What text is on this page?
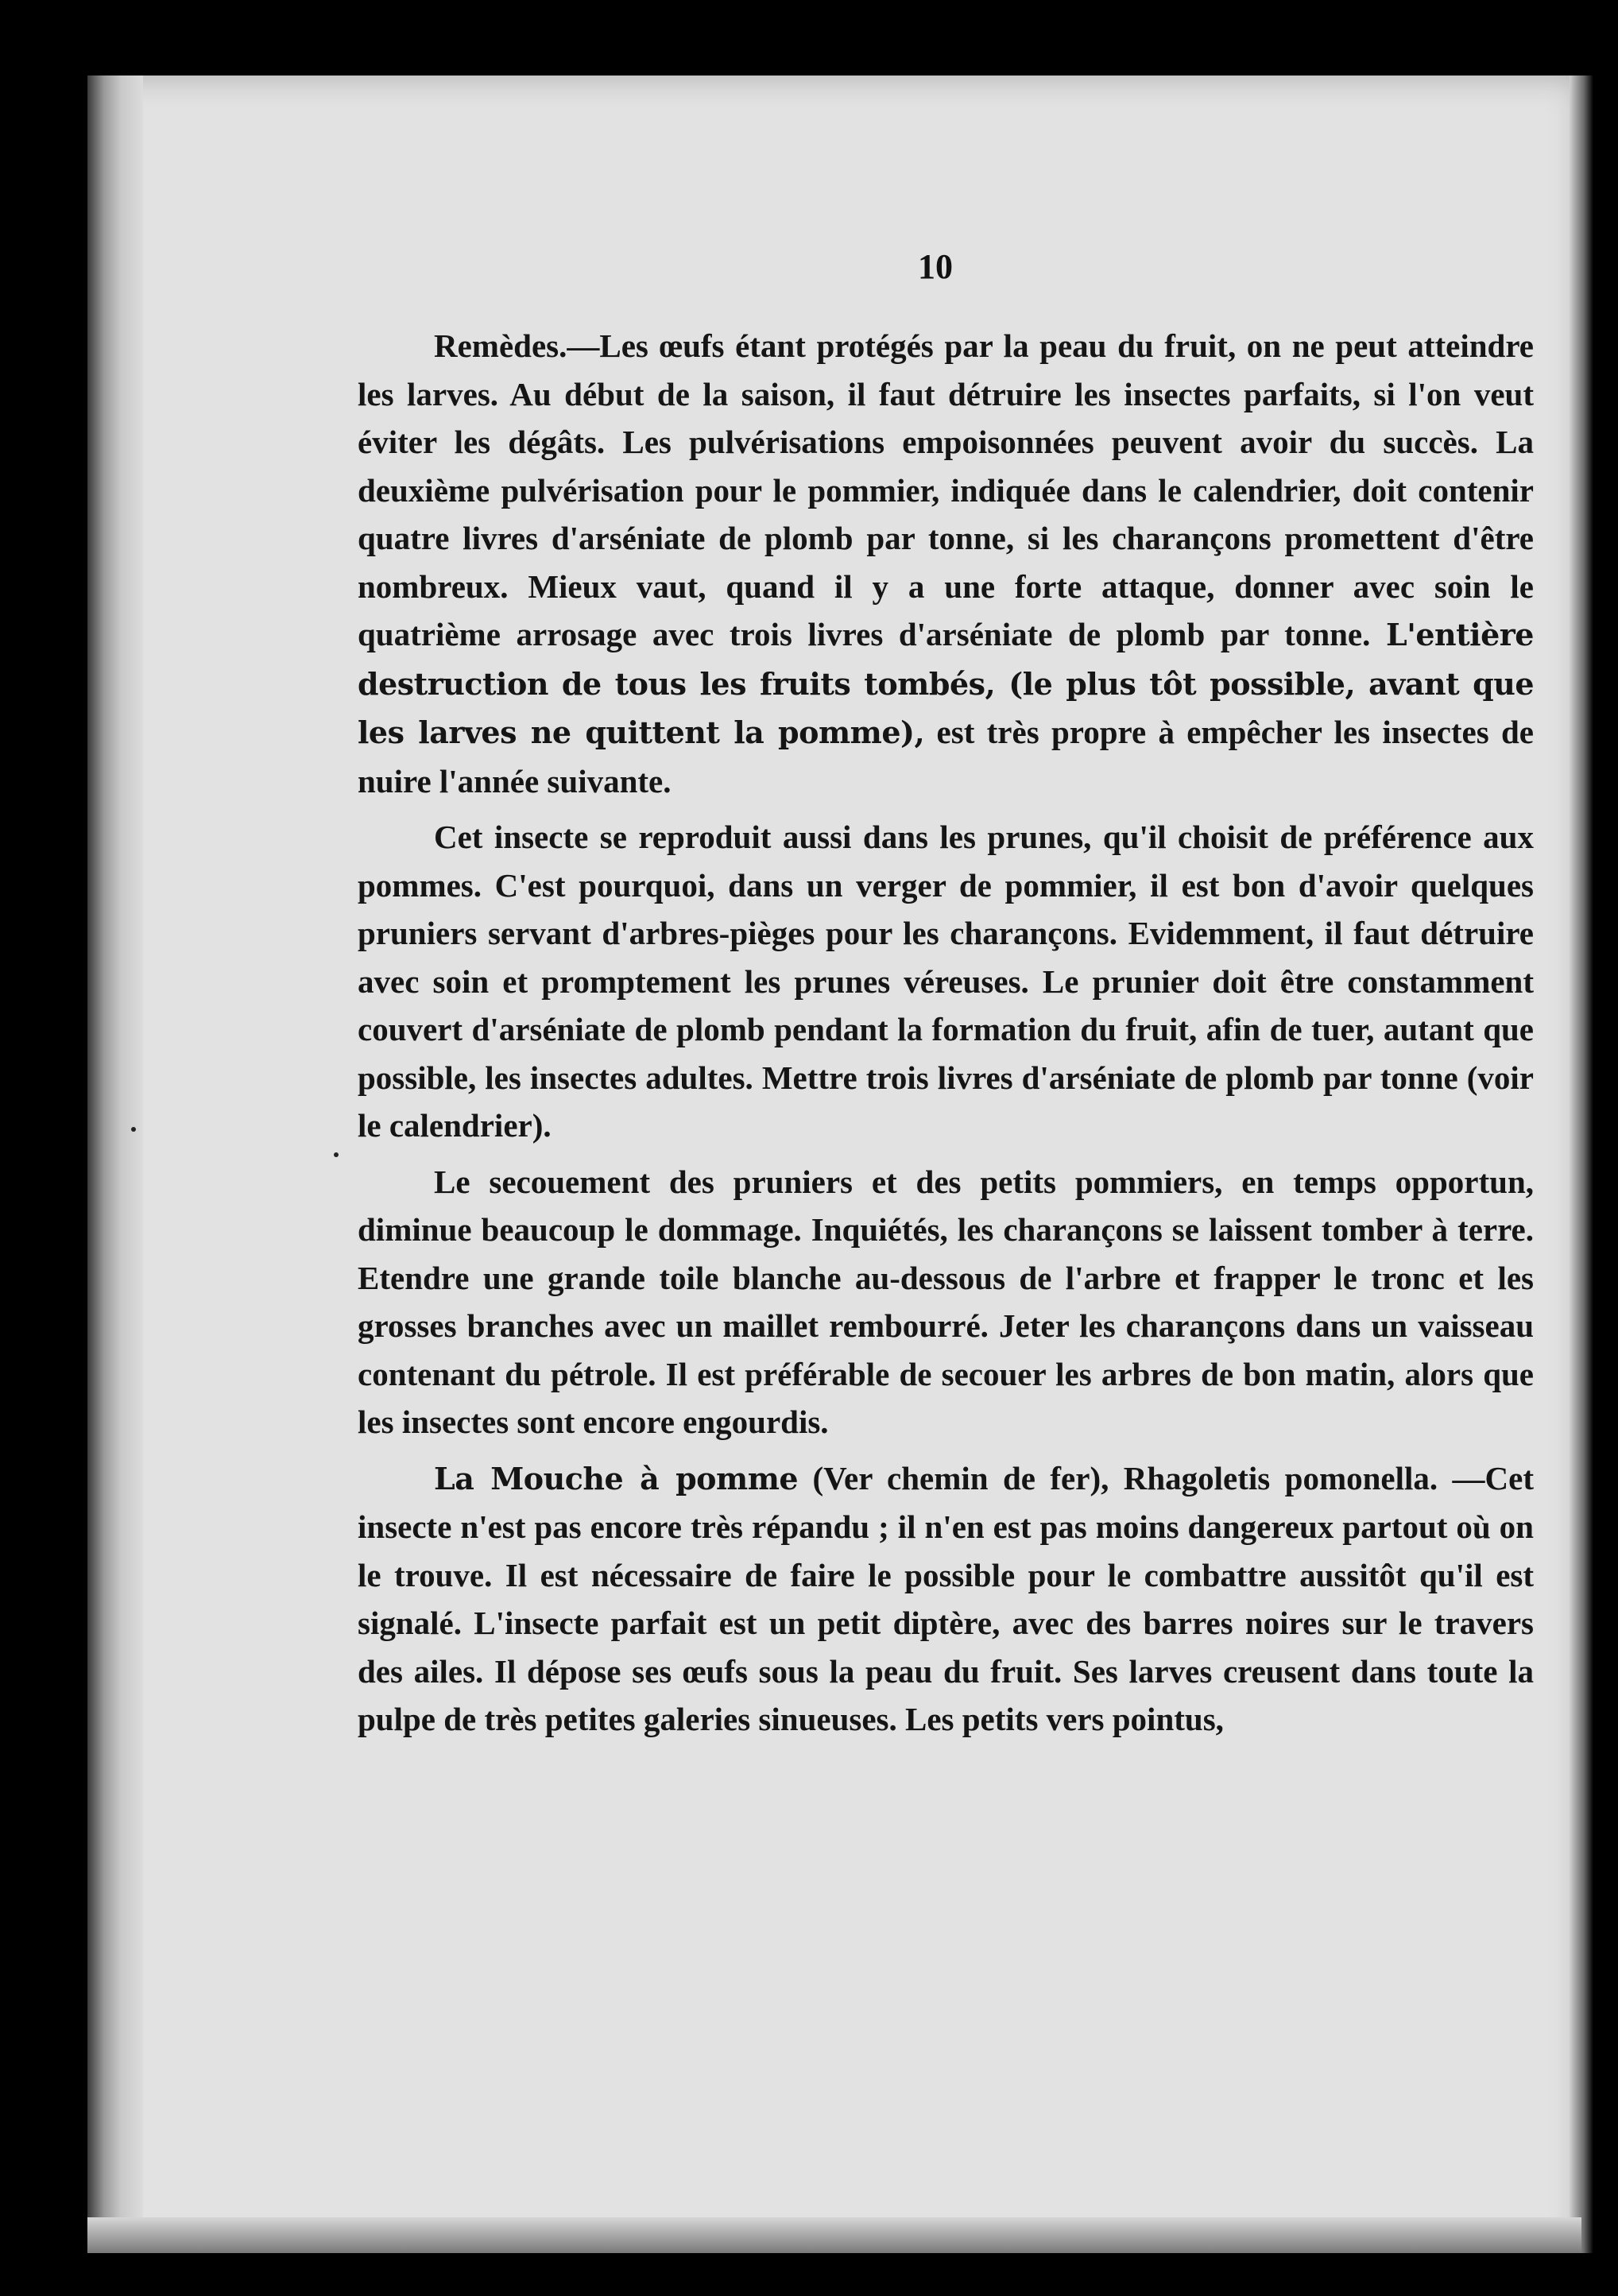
10

Remèdes.—Les œufs étant protégés par la peau du fruit, on ne peut atteindre les larves. Au début de la saison, il faut détruire les insectes parfaits, si l'on veut éviter les dégâts. Les pulvérisations empoisonnées peuvent avoir du succès. La deuxième pulvérisation pour le pommier, indiquée dans le calendrier, doit contenir quatre livres d'arséniate de plomb par tonne, si les charançons promettent d'être nombreux. Mieux vaut, quand il y a une forte attaque, donner avec soin le quatrième arrosage avec trois livres d'arséniate de plomb par tonne. L'entière destruction de tous les fruits tombés, (le plus tôt possible, avant que les larves ne quittent la pomme), est très propre à empêcher les insectes de nuire l'année suivante.

Cet insecte se reproduit aussi dans les prunes, qu'il choisit de préférence aux pommes. C'est pourquoi, dans un verger de pommier, il est bon d'avoir quelques pruniers servant d'arbres-pièges pour les charançons. Evidemment, il faut détruire avec soin et promptement les prunes véreuses. Le prunier doit être constamment couvert d'arséniate de plomb pendant la formation du fruit, afin de tuer, autant que possible, les insectes adultes. Mettre trois livres d'arséniate de plomb par tonne (voir le calendrier).

Le secouement des pruniers et des petits pommiers, en temps opportun, diminue beaucoup le dommage. Inquiétés, les charançons se laissent tomber à terre. Etendre une grande toile blanche au-dessous de l'arbre et frapper le tronc et les grosses branches avec un maillet rembourré. Jeter les charançons dans un vaisseau contenant du pétrole. Il est préférable de secouer les arbres de bon matin, alors que les insectes sont encore engourdis.

La Mouche à pomme (Ver chemin de fer), Rhagoletis pomonella. —Cet insecte n'est pas encore très répandu ; il n'en est pas moins dangereux partout où on le trouve. Il est nécessaire de faire le possible pour le combattre aussitôt qu'il est signalé. L'insecte parfait est un petit diptère, avec des barres noires sur le travers des ailes. Il dépose ses œufs sous la peau du fruit. Ses larves creusent dans toute la pulpe de très petites galeries sinueuses. Les petits vers pointus,
